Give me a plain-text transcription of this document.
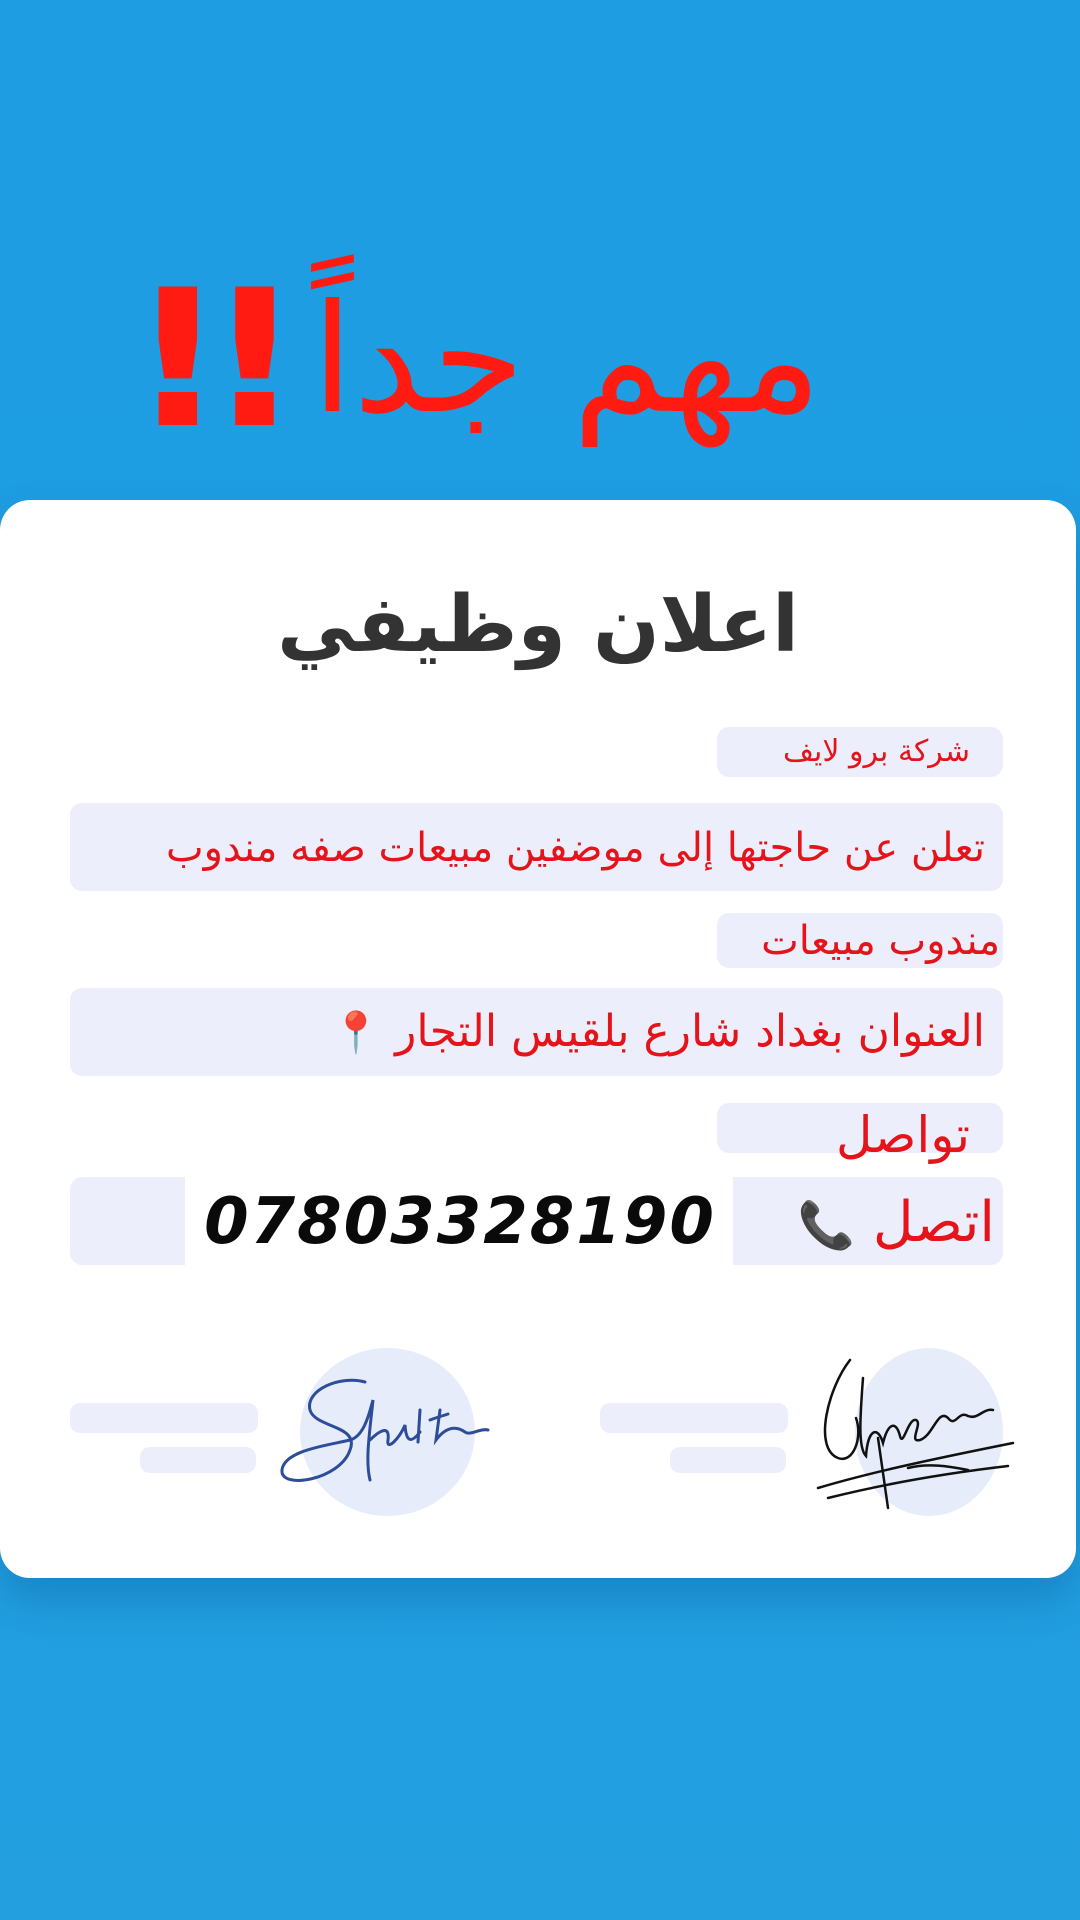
!! مهم جداً
اعلان وظيفي
شركة برو لايف
تعلن عن حاجتها إلى موضفين مبيعات صفه مندوب
مندوب مبيعات
العنوان بغداد شارع بلقيس التجار 📍
تواصل
07803328190	اتصل 📞
